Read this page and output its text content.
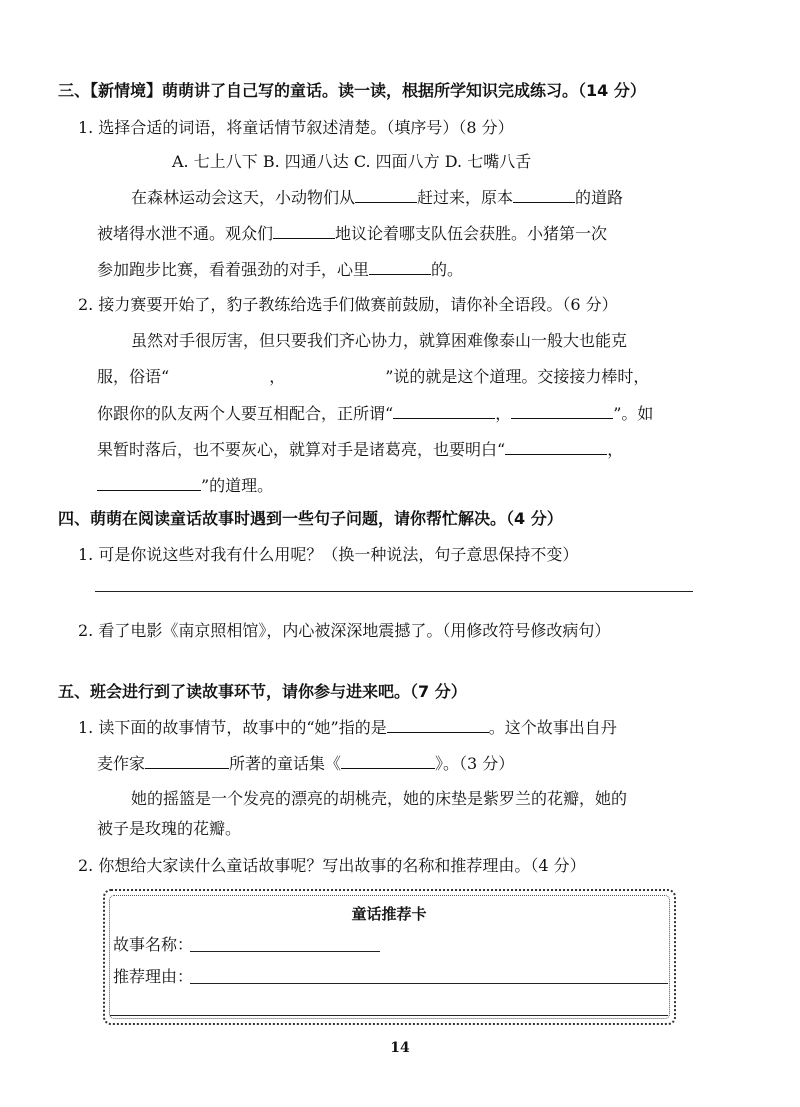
三、【新情境】萌萌讲了自己写的童话。读一读，根据所学知识完成练习。（14 分）
1. 选择合适的词语，将童话情节叙述清楚。（填序号）（8 分）
A. 七上八下 B. 四通八达 C. 四面八方 D. 七嘴八舌
在森林运动会这天，小动物们从	赶过来，原本	的道路
被堵得水泄不通。观众们	地议论着哪支队伍会获胜。小猪第一次
参加跑步比赛，看着强劲的对手，心里	的。
2. 接力赛要开始了，豹子教练给选手们做赛前鼓励，请你补全语段。（6 分）
虽然对手很厉害，但只要我们齐心协力，就算困难像泰山一般大也能克
服，俗语“	，	”说的就是这个道理。交接接力棒时，
你跟你的队友两个人要互相配合，正所谓“	，	”。如
果暂时落后，也不要灰心，就算对手是诸葛亮，也要明白“	，
”的道理。
四、萌萌在阅读童话故事时遇到一些句子问题，请你帮忙解决。（4 分）
1. 可是你说这些对我有什么用呢？（换一种说法，句子意思保持不变）
2. 看了电影《南京照相馆》，内心被深深地震撼了。（用修改符号修改病句）
五、班会进行到了读故事环节，请你参与进来吧。（7 分）
1. 读下面的故事情节，故事中的“她”指的是	。这个故事出自丹
麦作家	所著的童话集《	》。（3 分）
她的摇篮是一个发亮的漂亮的胡桃壳，她的床垫是紫罗兰的花瓣，她的
被子是玫瑰的花瓣。
2. 你想给大家读什么童话故事呢？写出故事的名称和推荐理由。（4 分）
童话推荐卡
故事名称：
推荐理由：
14
